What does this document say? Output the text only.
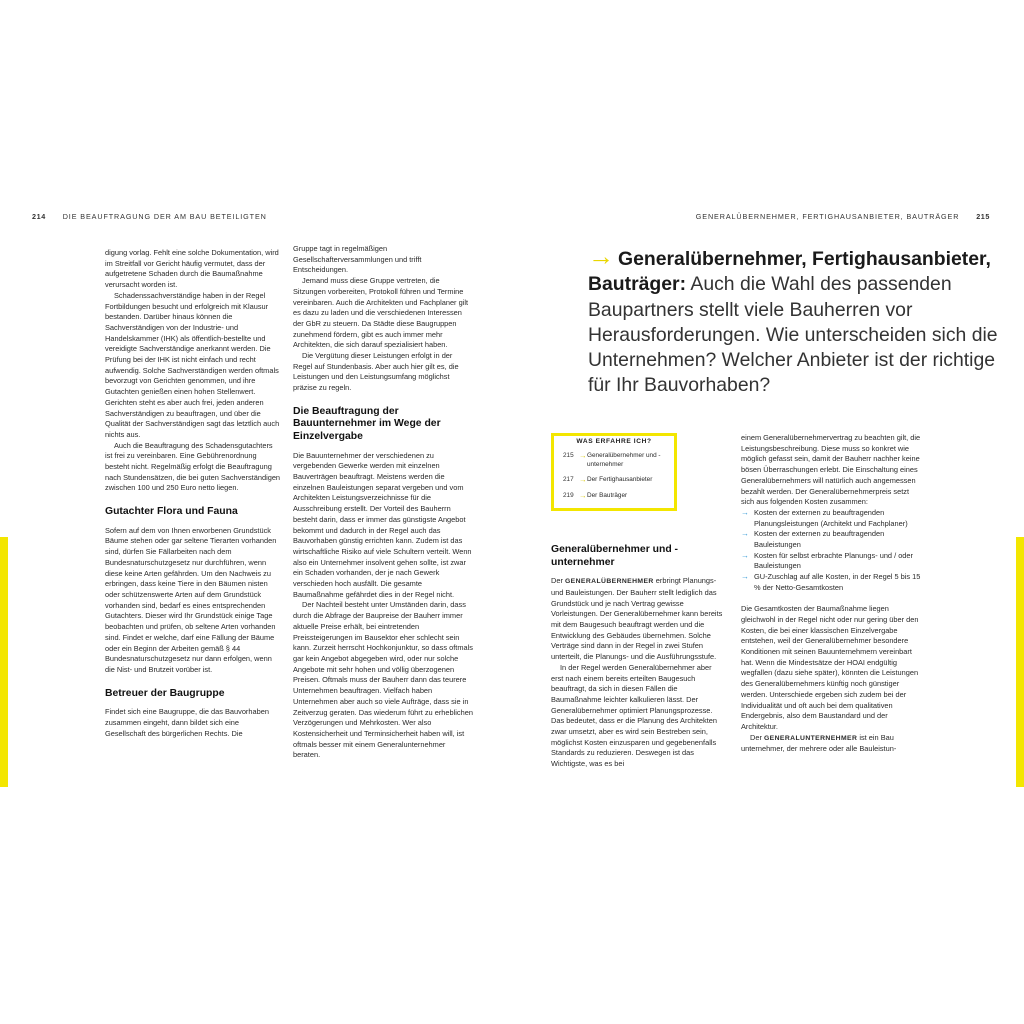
214 DIE BEAUFTRAGUNG DER AM BAU BETEILIGTEN	GENERALÜBERNEHMER, FERTIGHAUSANBIETER, BAUTRÄGER 215

digung vorlag. Fehlt eine solche Dokumentation, wird im Streitfall vor Gericht häufig vermutet, dass der aufgetretene Schaden durch die Baumaßnahme verursacht worden ist.

Schadenssachverständige haben in der Regel Fortbildungen besucht und erfolgreich mit Klausur bestanden. Darüber hinaus können die Sachverständigen von der Industrie- und Handelskammer (IHK) als öffentlich-bestellte und vereidigte Sachverständige anerkannt werden. Die Prüfung bei der IHK ist nicht einfach und recht aufwendig. Solche Sachverständigen werden oftmals bevorzugt von Gerichten genommen, und ihre Gutachten genießen einen hohen Stellenwert. Gerichten steht es aber auch frei, jeden anderen Sachverständigen zu beauftragen, und über die Qualität der Sachverständigen sagt das letztlich auch nichts aus.

Auch die Beauftragung des Schadensgutachters ist frei zu vereinbaren. Eine Gebührenordnung besteht nicht. Regelmäßig erfolgt die Beauftragung nach Stundensätzen, die bei guten Sachverständigen zwischen 100 und 250 Euro netto liegen.

Gutachter Flora und Fauna

Sofern auf dem von Ihnen erworbenen Grundstück Bäume stehen oder gar seltene Tierarten vorhanden sind, dürfen Sie Fällarbeiten nach dem Bundesnaturschutzgesetz nur durchführen, wenn diese keine Arten gefährden. Um den Nachweis zu erbringen, dass keine Tiere in den Bäumen nisten oder schützenswerte Arten auf dem Grundstück vorhanden sind, bedarf es eines entsprechenden Gutachters. Dieser wird Ihr Grundstück einige Tage beobachten und prüfen, ob seltene Arten vorhanden sind. Findet er welche, darf eine Fällung der Bäume oder ein Beginn der Arbeiten gemäß § 44 Bundesnaturschutzgesetz nur dann erfolgen, wenn die Nist- und Brutzeit vorüber ist.

Betreuer der Baugruppe

Findet sich eine Baugruppe, die das Bauvorhaben zusammen eingeht, dann bildet sich eine Gesellschaft des bürgerlichen Rechts. Die

Gruppe tagt in regelmäßigen Gesellschafterversammlungen und trifft Entscheidungen.

Jemand muss diese Gruppe vertreten, die Sitzungen vorbereiten, Protokoll führen und Termine vereinbaren. Auch die Architekten und Fachplaner gilt es dazu zu laden und die verschiedenen Interessen der GbR zu steuern. Da Städte diese Baugruppen zunehmend fördern, gibt es auch immer mehr Architekten, die sich darauf spezialisiert haben.

Die Vergütung dieser Leistungen erfolgt in der Regel auf Stundenbasis. Aber auch hier gilt es, die Leistungen und den Leistungsumfang möglichst präzise zu regeln.

Die Beauftragung der Bauunternehmer im Wege der Einzelvergabe

Die Bauunternehmer der verschiedenen zu vergebenden Gewerke werden mit einzelnen Bauverträgen beauftragt. Meistens werden die einzelnen Bauleistungen separat vergeben und vom Architekten Leistungsverzeichnisse für die Ausschreibung erstellt. Der Vorteil des Bauherrn besteht darin, dass er immer das günstigste Angebot bekommt und dadurch in der Regel auch das Bauvorhaben günstig errichten kann. Zudem ist das wirtschaftliche Risiko auf viele Schultern verteilt. Wenn also ein Unternehmer insolvent gehen sollte, ist zwar ein Schaden vorhanden, der je nach Gewerk verschieden hoch ausfällt. Die gesamte Baumaßnahme gefährdet dies in der Regel nicht.

Der Nachteil besteht unter Umständen darin, dass durch die Abfrage der Baupreise der Bauherr immer aktuelle Preise erhält, bei eintretenden Preissteigerungen im Bausektor eher schlecht sein kann. Zurzeit herrscht Hochkonjunktur, so dass oftmals gar kein Angebot abgegeben wird, oder nur solche Angebote mit sehr hohen und völlig überzogenen Preisen. Oftmals muss der Bauherr dann das teurere Unternehmen beauftragen. Vielfach haben Unternehmen aber auch so viele Aufträge, dass sie in Zeitverzug geraten. Das wiederum führt zu erheblichen Verzögerungen und Mehrkosten. Wer also Kostensicherheit und Terminsicherheit haben will, ist oftmals besser mit einem Generalunternehmer beraten.

→ Generalübernehmer, Fertighausanbieter, Bauträger: Auch die Wahl des passenden Baupartners stellt viele Bauherren vor Herausforderungen. Wie unterscheiden sich die Unternehmen? Welcher Anbieter ist der richtige für Ihr Bauvorhaben?
WAS ERFAHRE ICH?
215 → Generalübernehmer und -unternehmer
217 → Der Fertighausanbieter
219 → Der Bauträger
Generalübernehmer und -unternehmer

Der GENERALÜBERNEHMER erbringt Planungs- und Bauleistungen. Der Bauherr stellt lediglich das Grundstück und je nach Vertrag gewisse Vorleistungen. Der Generalübernehmer kann bereits mit dem Baugesuch beauftragt werden und die Entwicklung des Gebäudes übernehmen. Solche Verträge sind dann in der Regel in zwei Stufen unterteilt, die Planungs- und die Ausführungsstufe.

In der Regel werden Generalübernehmer aber erst nach einem bereits erteilten Baugesuch beauftragt, da sich in diesen Fällen die Baumaßnahme leichter kalkulieren lässt. Der Generalübernehmer optimiert Planungsprozesse. Das bedeutet, dass er die Planung des Architekten zwar umsetzt, aber es wird sein Bestreben sein, möglichst Kosten einzusparen und gegebenenfalls Standards zu reduzieren. Deswegen ist das Wichtigste, was es bei

einem Generalübernehmervertrag zu beachten gilt, die Leistungsbeschreibung. Diese muss so konkret wie möglich gefasst sein, damit der Bauherr nachher keine bösen Überraschungen erlebt. Die Einschaltung eines Generalübernehmers will natürlich auch angemessen bezahlt werden. Der Generalübernehmerpreis setzt sich aus folgenden Kosten zusammen:

→ Kosten der externen zu beauftragenden Planungsleistungen (Architekt und Fachplaner)
→ Kosten der externen zu beauftragenden Bauleistungen
→ Kosten für selbst erbrachte Planungs- und / oder Bauleistungen
→ GU-Zuschlag auf alle Kosten, in der Regel 5 bis 15 % der Netto-Gesamtkosten

Die Gesamtkosten der Baumaßnahme liegen gleichwohl in der Regel nicht oder nur gering über den Kosten, die bei einer klassischen Einzelvergabe entstehen, weil der Generalübernehmer besondere Konditionen mit seinen Bauunternehmern vereinbart hat. Wenn die Mindestsätze der HOAI endgültig wegfallen (dazu siehe später), könnten die Leistungen des Generalübernehmers künftig noch günstiger werden. Unterschiede ergeben sich zudem bei der Individualität und oft auch bei dem qualitativen Endergebnis, also dem Baustandard und der Architektur.

Der GENERALUNTERNEHMER ist ein Bau unternehmer, der mehrere oder alle Bauleistun-
